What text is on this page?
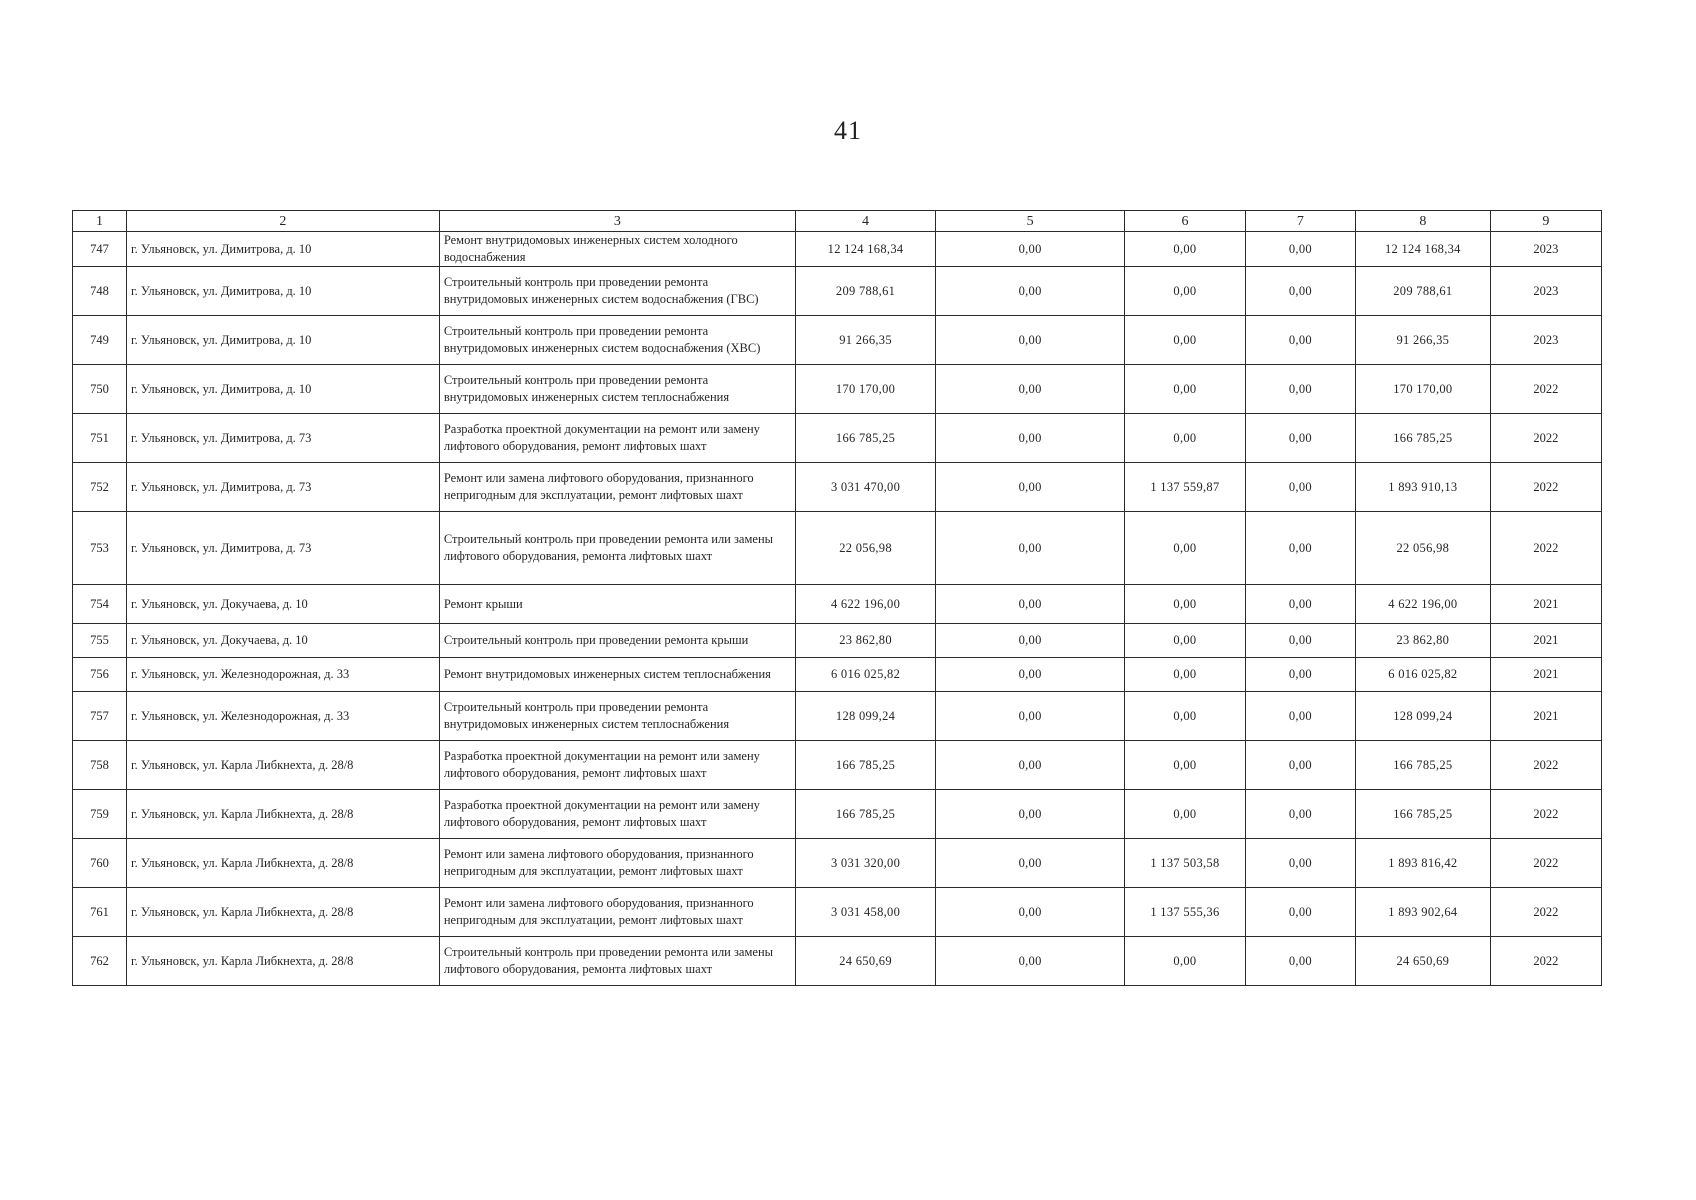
41
1	2	3	4	5	6	7	8	9
747	г. Ульяновск, ул. Димитрова, д. 10	Ремонт внутридомовых инженерных систем холодного водоснабжения	12 124 168,34	0,00	0,00	0,00	12 124 168,34	2023
748	г. Ульяновск, ул. Димитрова, д. 10	Строительный контроль при проведении ремонта внутридомовых инженерных систем водоснабжения (ГВС)	209 788,61	0,00	0,00	0,00	209 788,61	2023
749	г. Ульяновск, ул. Димитрова, д. 10	Строительный контроль при проведении ремонта внутридомовых инженерных систем водоснабжения (ХВС)	91 266,35	0,00	0,00	0,00	91 266,35	2023
750	г. Ульяновск, ул. Димитрова, д. 10	Строительный контроль при проведении ремонта внутридомовых инженерных систем теплоснабжения	170 170,00	0,00	0,00	0,00	170 170,00	2022
751	г. Ульяновск, ул. Димитрова, д. 73	Разработка проектной документации на ремонт или замену лифтового оборудования, ремонт лифтовых шахт	166 785,25	0,00	0,00	0,00	166 785,25	2022
752	г. Ульяновск, ул. Димитрова, д. 73	Ремонт или замена лифтового оборудования, признанного непригодным для эксплуатации, ремонт лифтовых шахт	3 031 470,00	0,00	1 137 559,87	0,00	1 893 910,13	2022
753	г. Ульяновск, ул. Димитрова, д. 73	Строительный контроль при проведении ремонта или замены лифтового оборудования, ремонта лифтовых шахт	22 056,98	0,00	0,00	0,00	22 056,98	2022
754	г. Ульяновск, ул. Докучаева, д. 10	Ремонт крыши	4 622 196,00	0,00	0,00	0,00	4 622 196,00	2021
755	г. Ульяновск, ул. Докучаева, д. 10	Строительный контроль при проведении ремонта крыши	23 862,80	0,00	0,00	0,00	23 862,80	2021
756	г. Ульяновск, ул. Железнодорожная, д. 33	Ремонт внутридомовых инженерных систем теплоснабжения	6 016 025,82	0,00	0,00	0,00	6 016 025,82	2021
757	г. Ульяновск, ул. Железнодорожная, д. 33	Строительный контроль при проведении ремонта внутридомовых инженерных систем теплоснабжения	128 099,24	0,00	0,00	0,00	128 099,24	2021
758	г. Ульяновск, ул. Карла Либкнехта, д. 28/8	Разработка проектной документации на ремонт или замену лифтового оборудования, ремонт лифтовых шахт	166 785,25	0,00	0,00	0,00	166 785,25	2022
759	г. Ульяновск, ул. Карла Либкнехта, д. 28/8	Разработка проектной документации на ремонт или замену лифтового оборудования, ремонт лифтовых шахт	166 785,25	0,00	0,00	0,00	166 785,25	2022
760	г. Ульяновск, ул. Карла Либкнехта, д. 28/8	Ремонт или замена лифтового оборудования, признанного непригодным для эксплуатации, ремонт лифтовых шахт	3 031 320,00	0,00	1 137 503,58	0,00	1 893 816,42	2022
761	г. Ульяновск, ул. Карла Либкнехта, д. 28/8	Ремонт или замена лифтового оборудования, признанного непригодным для эксплуатации, ремонт лифтовых шахт	3 031 458,00	0,00	1 137 555,36	0,00	1 893 902,64	2022
762	г. Ульяновск, ул. Карла Либкнехта, д. 28/8	Строительный контроль при проведении ремонта или замены лифтового оборудования, ремонта лифтовых шахт	24 650,69	0,00	0,00	0,00	24 650,69	2022
